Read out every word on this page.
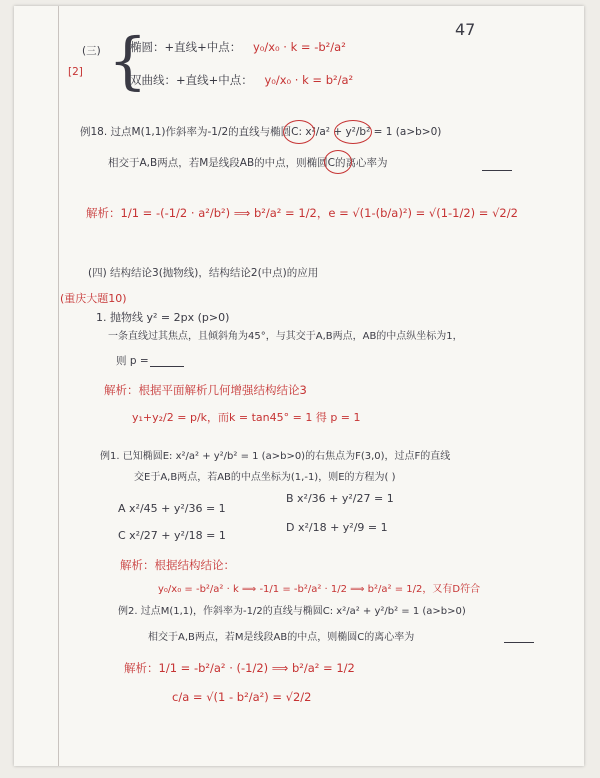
47
[2]
(三) {
椭圆：+直线+中点： y₀/x₀ · k = -b²/a²
双曲线：+直线+中点： y₀/x₀ · k = b²/a²
例18. 过点M(1,1)作斜率为-1/2的直线与椭圆C: x²/a² + y²/b² = 1 (a>b>0)
相交于A,B两点，若M是线段AB的中点，则椭圆C的离心率为
解析：1/1 = -(-1/2 · a²/b²) ⟹ b²/a² = 1/2，e = √(1-(b/a)²) = √(1-1/2) = √2/2
(四) 结构结论3(抛物线)，结构结论2(中点)的应用
(重庆大题10)
1. 抛物线 y² = 2px (p>0)
一条直线过其焦点，且倾斜角为45°，与其交于A,B两点，AB的中点纵坐标为1，
则 p =
解析：根据平面解析几何增强结构结论3
y₁+y₂/2 = p/k，而k = tan45° = 1 得 p = 1
例1. 已知椭圆E: x²/a² + y²/b² = 1 (a>b>0)的右焦点为F(3,0)，过点F的直线
交E于A,B两点，若AB的中点坐标为(1,-1)，则E的方程为( )
A x²/45 + y²/36 = 1
B x²/36 + y²/27 = 1
C x²/27 + y²/18 = 1
D x²/18 + y²/9 = 1
解析：根据结构结论：
y₀/x₀ = -b²/a² · k ⟹ -1/1 = -b²/a² · 1/2 ⟹ b²/a² = 1/2，又有D符合
例2. 过点M(1,1)，作斜率为-1/2的直线与椭圆C: x²/a² + y²/b² = 1 (a>b>0)
相交于A,B两点，若M是线段AB的中点，则椭圆C的离心率为
解析：1/1 = -b²/a² · (-1/2) ⟹ b²/a² = 1/2
c/a = √(1 - b²/a²) = √2/2
